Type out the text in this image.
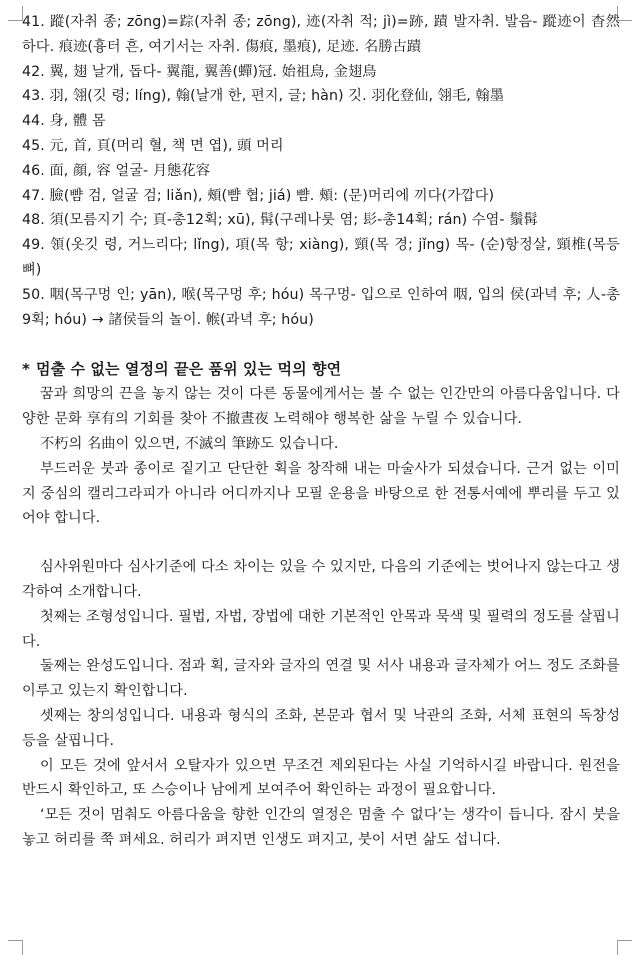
41. 蹤(자취 종; zōng)=踪(자취 종; zōng), 迹(자취 적; jì)=跡, 蹟 발자취. 발음- 蹤迹이 杳然하다. 痕迹(흉터 흔, 여기서는 자취. 傷痕, 墨痕), 足迹. 名勝古蹟
42. 翼, 翅 날개, 돕다- 翼龍, 翼善(蟬)冠. 始祖鳥, 金翅鳥
43. 羽, 翎(깃 령; líng), 翰(날개 한, 편지, 글; hàn) 깃. 羽化登仙, 翎毛, 翰墨
44. 身, 體 몸
45. 元, 首, 頁(머리 혈, 책 면 엽), 頭 머리
46. 面, 顔, 容 얼굴- 月態花容
47. 臉(뺨 검, 얼굴 검; liǎn), 頰(뺨 협; jiá) 뺨. 頰: (문)머리에 끼다(가깝다)
48. 須(모름지기 수; 頁-총12획; xū), 髯(구레나룻 염; 髟-총14획; rán) 수염- 鬚髯
49. 領(옷깃 령, 거느리다; lǐng), 項(목 항; xiàng), 頸(목 경; jǐng) 목- (순)항정살, 頸椎(목등뼈)
50. 咽(목구멍 인; yān), 喉(목구멍 후; hóu) 목구멍- 입으로 인하여 咽, 입의 侯(과녁 후; 人-총9획; hóu) → 諸侯들의 놀이. 帿(과녁 후; hóu)
* 멈출 수 없는 열정의 끝은 품위 있는 먹의 향연
꿈과 희망의 끈을 놓지 않는 것이 다른 동물에게서는 볼 수 없는 인간만의 아름다움입니다. 다양한 문화 享有의 기회를 찾아 不撤晝夜 노력해야 행복한 삶을 누릴 수 있습니다.
不朽의 名曲이 있으면, 不滅의 筆跡도 있습니다.
부드러운 붓과 종이로 짙기고 단단한 획을 창작해 내는 마술사가 되셨습니다. 근거 없는 이미지 중심의 캘리그라피가 아니라 어디까지나 모필 운용을 바탕으로 한 전통서예에 뿌리를 두고 있어야 합니다.
심사위원마다 심사기준에 다소 차이는 있을 수 있지만, 다음의 기준에는 벗어나지 않는다고 생각하여 소개합니다.
첫째는 조형성입니다. 필법, 자법, 장법에 대한 기본적인 안목과 묵색 및 필력의 정도를 살핍니다.
둘째는 완성도입니다. 점과 획, 글자와 글자의 연결 및 서사 내용과 글자체가 어느 정도 조화를 이루고 있는지 확인합니다.
셋째는 창의성입니다. 내용과 형식의 조화, 본문과 협서 및 낙관의 조화, 서체 표현의 독창성 등을 살핍니다.
이 모든 것에 앞서서 오탈자가 있으면 무조건 제외된다는 사실 기억하시길 바랍니다. 원전을 반드시 확인하고, 또 스승이나 남에게 보여주어 확인하는 과정이 필요합니다.
‘모든 것이 멈춰도 아름다움을 향한 인간의 열정은 멈출 수 없다’는 생각이 듭니다. 잠시 붓을 놓고 허리를 쭉 펴세요. 허리가 펴지면 인생도 펴지고, 붓이 서면 삶도 섭니다.
